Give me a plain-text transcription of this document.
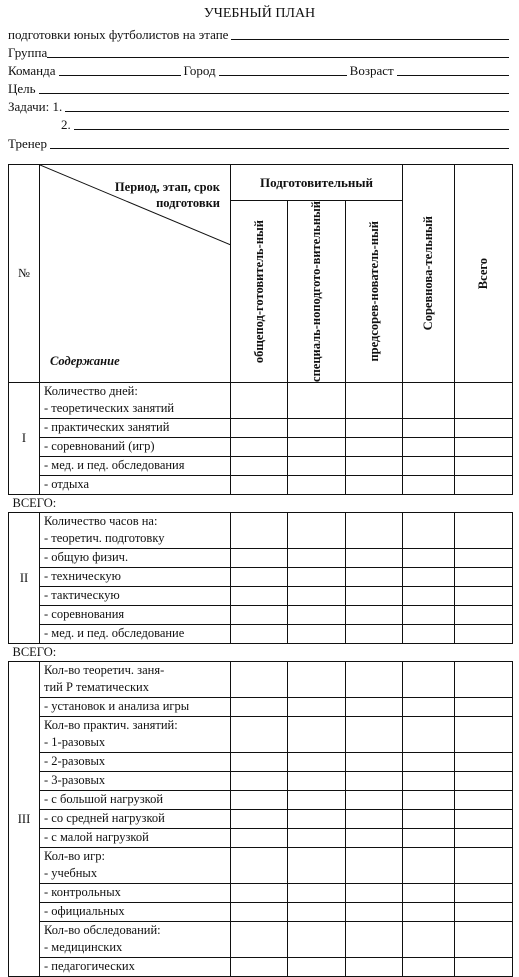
УЧЕБНЫЙ ПЛАН
подготовки юных футболистов на этапе
Группа
Команда	Город	Возраст
Цель
Задачи: 1.
2.
Тренер
№	Период, этап, срок
подготовки
Содержание	Подготовительный			Соревнова-тельный	Всего

		общепод-готовитель-ный	специаль-ноподгото-вительный	предсорев-нователь-ный		

I	Количество дней:
- теоретических занятий					

	- практических занятий					

	- соревнований (игр)					

	- мед. и пед. обследования					

	- отдыха					

ВСЕГО:						
II	Количество часов на:
- теоретич. подготовку					

	- общую физич.					

	- техническую					

	- тактическую					

	- соревнования					

	- мед. и пед. обследование					

ВСЕГО:						
III	Кол-во теоретич. заня-
тий Р тематических					

	- установок и анализа игры					

	Кол-во практич. занятий:
- 1-разовых					

	- 2-разовых					

	- 3-разовых					

	- с большой нагрузкой					

	- со средней нагрузкой					

	- с малой нагрузкой					

	Кол-во игр:
- учебных					

	- контрольных					

	- официальных					

	Кол-во обследований:
- медицинских					

	- педагогических					
